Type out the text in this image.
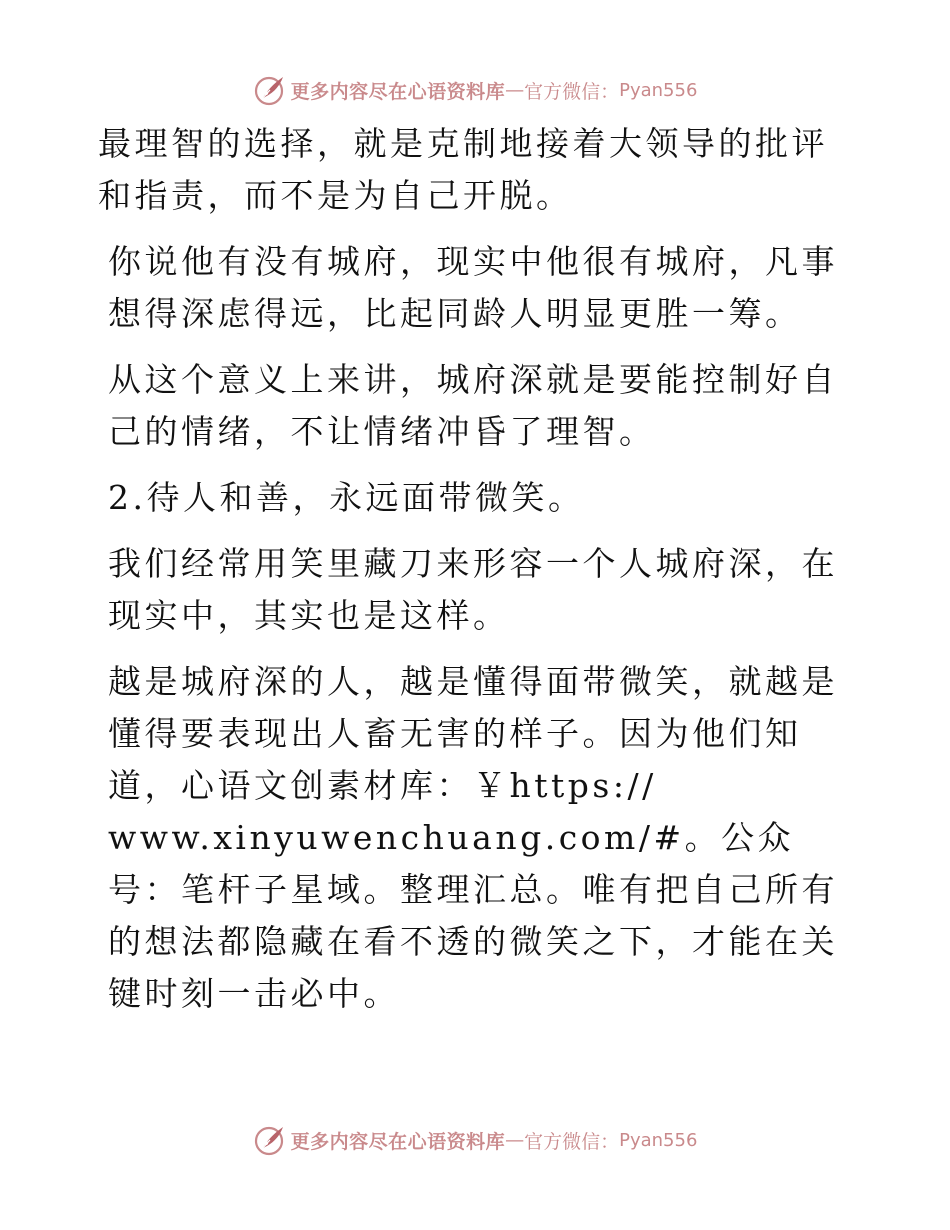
更多内容尽在心语资料库 — 官方微信： Pyan556

最理智的选择，就是克制地接着大领导的批评和指责，而不是为自己开脱。

你说他有没有城府，现实中他很有城府，凡事想得深虑得远，比起同龄人明显更胜一筹。

从这个意义上来讲，城府深就是要能控制好自己的情绪，不让情绪冲昏了理智。

2.待人和善，永远面带微笑。

我们经常用笑里藏刀来形容一个人城府深，在现实中，其实也是这样。

越是城府深的人，越是懂得面带微笑，就越是懂得要表现出人畜无害的样子。因为他们知道，心语文创素材库：￥https://
www.xinyuwenchuang.com/#。公众号：笔杆子星域。整理汇总。唯有把自己所有的想法都隐藏在看不透的微笑之下，才能在关键时刻一击必中。

更多内容尽在心语资料库 — 官方微信： Pyan556
